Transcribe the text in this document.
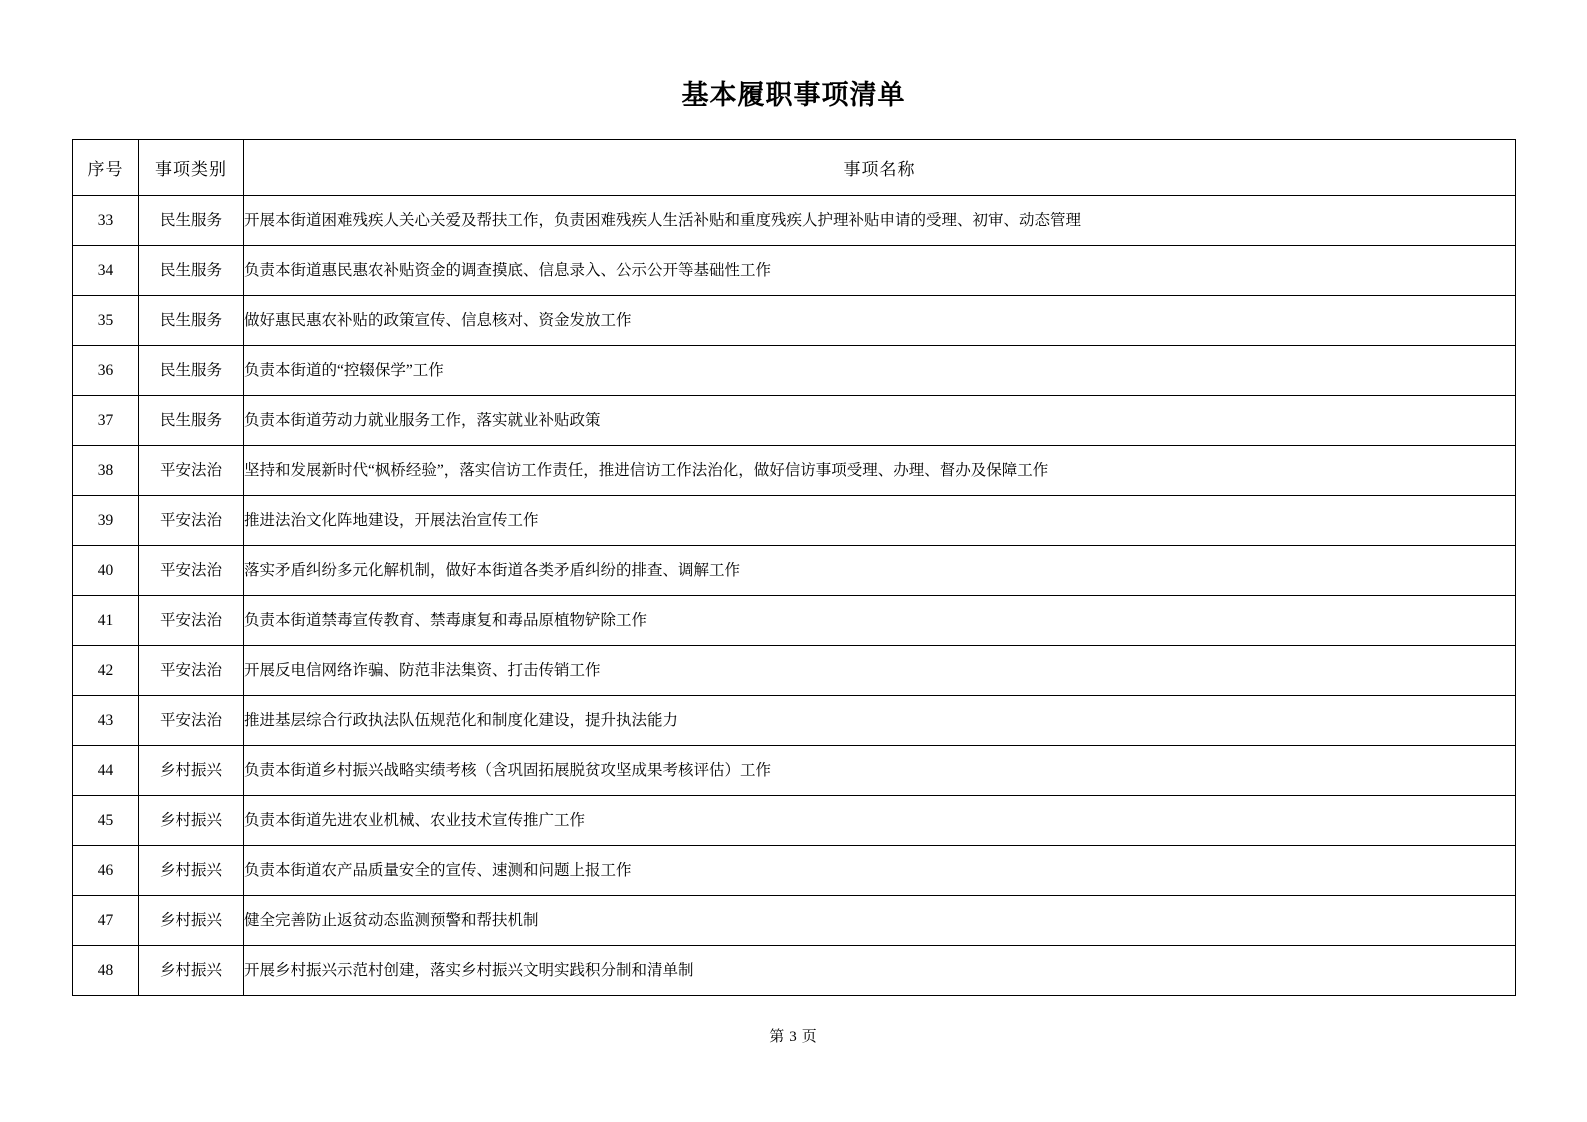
基本履职事项清单
序号	事项类别	事项名称
33	民生服务	开展本街道困难残疾人关心关爱及帮扶工作，负责困难残疾人生活补贴和重度残疾人护理补贴申请的受理、初审、动态管理
34	民生服务	负责本街道惠民惠农补贴资金的调查摸底、信息录入、公示公开等基础性工作
35	民生服务	做好惠民惠农补贴的政策宣传、信息核对、资金发放工作
36	民生服务	负责本街道的“控辍保学”工作
37	民生服务	负责本街道劳动力就业服务工作，落实就业补贴政策
38	平安法治	坚持和发展新时代“枫桥经验”，落实信访工作责任，推进信访工作法治化，做好信访事项受理、办理、督办及保障工作
39	平安法治	推进法治文化阵地建设，开展法治宣传工作
40	平安法治	落实矛盾纠纷多元化解机制，做好本街道各类矛盾纠纷的排查、调解工作
41	平安法治	负责本街道禁毒宣传教育、禁毒康复和毒品原植物铲除工作
42	平安法治	开展反电信网络诈骗、防范非法集资、打击传销工作
43	平安法治	推进基层综合行政执法队伍规范化和制度化建设，提升执法能力
44	乡村振兴	负责本街道乡村振兴战略实绩考核（含巩固拓展脱贫攻坚成果考核评估）工作
45	乡村振兴	负责本街道先进农业机械、农业技术宣传推广工作
46	乡村振兴	负责本街道农产品质量安全的宣传、速测和问题上报工作
47	乡村振兴	健全完善防止返贫动态监测预警和帮扶机制
48	乡村振兴	开展乡村振兴示范村创建，落实乡村振兴文明实践积分制和清单制
第 3 页
